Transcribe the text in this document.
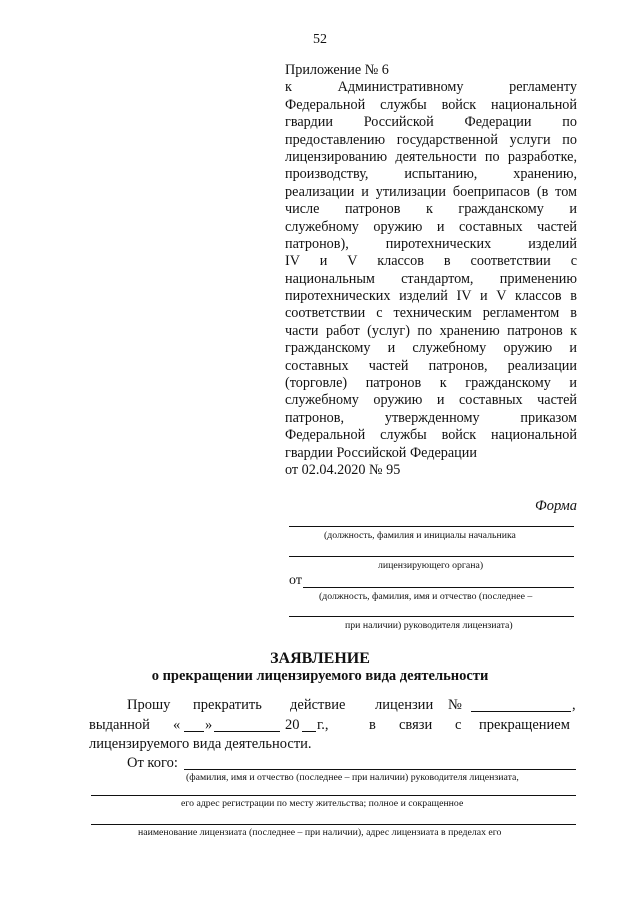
52
Приложение № 6
к Административному регламенту
Федеральной службы войск национальной
гвардии Российской Федерации по
предоставлению государственной услуги по
лицензированию деятельности по разработке,
производству, испытанию, хранению,
реализации и утилизации боеприпасов (в том
числе патронов к гражданскому и
служебному оружию и составных частей
патронов), пиротехнических изделий
IV и V классов в соответствии с
национальным стандартом, применению
пиротехнических изделий IV и V классов в
соответствии с техническим регламентом в
части работ (услуг) по хранению патронов к
гражданскому и служебному оружию и
составных частей патронов, реализации
(торговле) патронов к гражданскому и
служебному оружию и составных частей
патронов, утвержденному приказом
Федеральной службы войск национальной
гвардии Российской Федерации
от 02.04.2020 № 95
Форма
(должность, фамилия и инициалы начальника
лицензирующего органа)
от
(должность, фамилия, имя и отчество (последнее –
при наличии) руководителя лицензиата)
ЗАЯВЛЕНИЕ
о прекращении лицензируемого вида деятельности
Прошу прекратить действие лицензии №	,
выданной « »	20 г.,	в связи с прекращением
лицензируемого вида деятельности.
От кого:
(фамилия, имя и отчество (последнее – при наличии) руководителя лицензиата,
его адрес регистрации по месту жительства; полное и сокращенное
наименование лицензиата (последнее – при наличии), адрес лицензиата в пределах его
